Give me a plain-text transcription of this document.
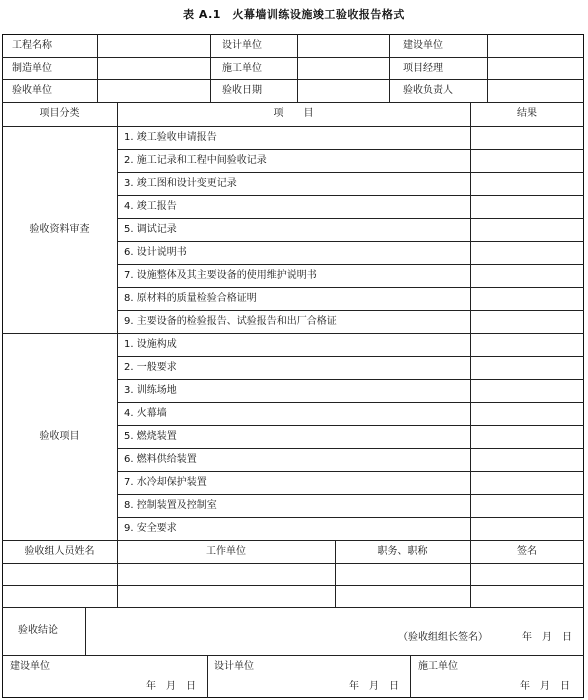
表 A.1　火幕墙训练设施竣工验收报告格式
工程名称	设计单位	建设单位
制造单位	施工单位	项目经理
验收单位	验收日期	验收负责人
项目分类	项　　目	结果
验收资料审查
1. 竣工验收申请报告
2. 施工记录和工程中间验收记录
3. 竣工图和设计变更记录
4. 竣工报告
5. 调试记录
6. 设计说明书
7. 设施整体及其主要设备的使用维护说明书
8. 原材料的质量检验合格证明
9. 主要设备的检验报告、试验报告和出厂合格证
验收项目
1. 设施构成
2. 一般要求
3. 训练场地
4. 火幕墙
5. 燃烧装置
6. 燃料供给装置
7. 水冷却保护装置
8. 控制装置及控制室
9. 安全要求
验收组人员姓名	工作单位	职务、职称	签名
验收结论
（验收组组长签名）	年　月　日
建设单位
年　月　日
设计单位
年　月　日
施工单位
年　月　日
